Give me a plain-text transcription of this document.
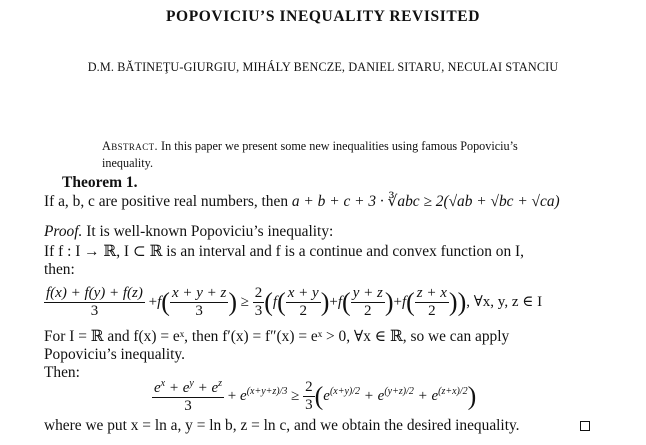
POPOVICIU’S INEQUALITY REVISITED
D.M. BĂTINEŢU-GIURGIU, MIHÁLY BENCZE, DANIEL SITARU, NECULAI STANCIU
Abstract. In this paper we present some new inequalities using famous Popoviciu’s inequality.
Theorem 1.
If a, b, c are positive real numbers, then a + b + c + 3 · ∛abc ≥ 2(√ab + √bc + √ca)
Proof. It is well-known Popoviciu’s inequality:
If f : I → ℝ, I ⊂ ℝ is an interval and f is a continue and convex function on I,
then:
$\frac{f(x) + f(y) + f(z)}{3} +f( \frac{x + y + z}{3}$ ) ≥ $\frac{2}{3} (f( \frac{x + y}{2} )+f( \frac{y + z}{2} )+f( \frac{z + x}{2}$ )), ∀x, y, z ∈ I
For I = ℝ and f(x) = eˣ, then f′(x) = f″(x) = eˣ > 0, ∀x ∈ ℝ, so we can apply
Popoviciu’s inequality.
Then:
$\frac{e^x + e^y + e^z}{3} + e^{(x+y+z)/3} \ge \frac{2}{3} (e^{(x+y)/2} + e^{(y+z)/2} + e^{(z+x)/2})$
where we put x = ln a, y = ln b, z = ln c, and we obtain the desired inequality.
